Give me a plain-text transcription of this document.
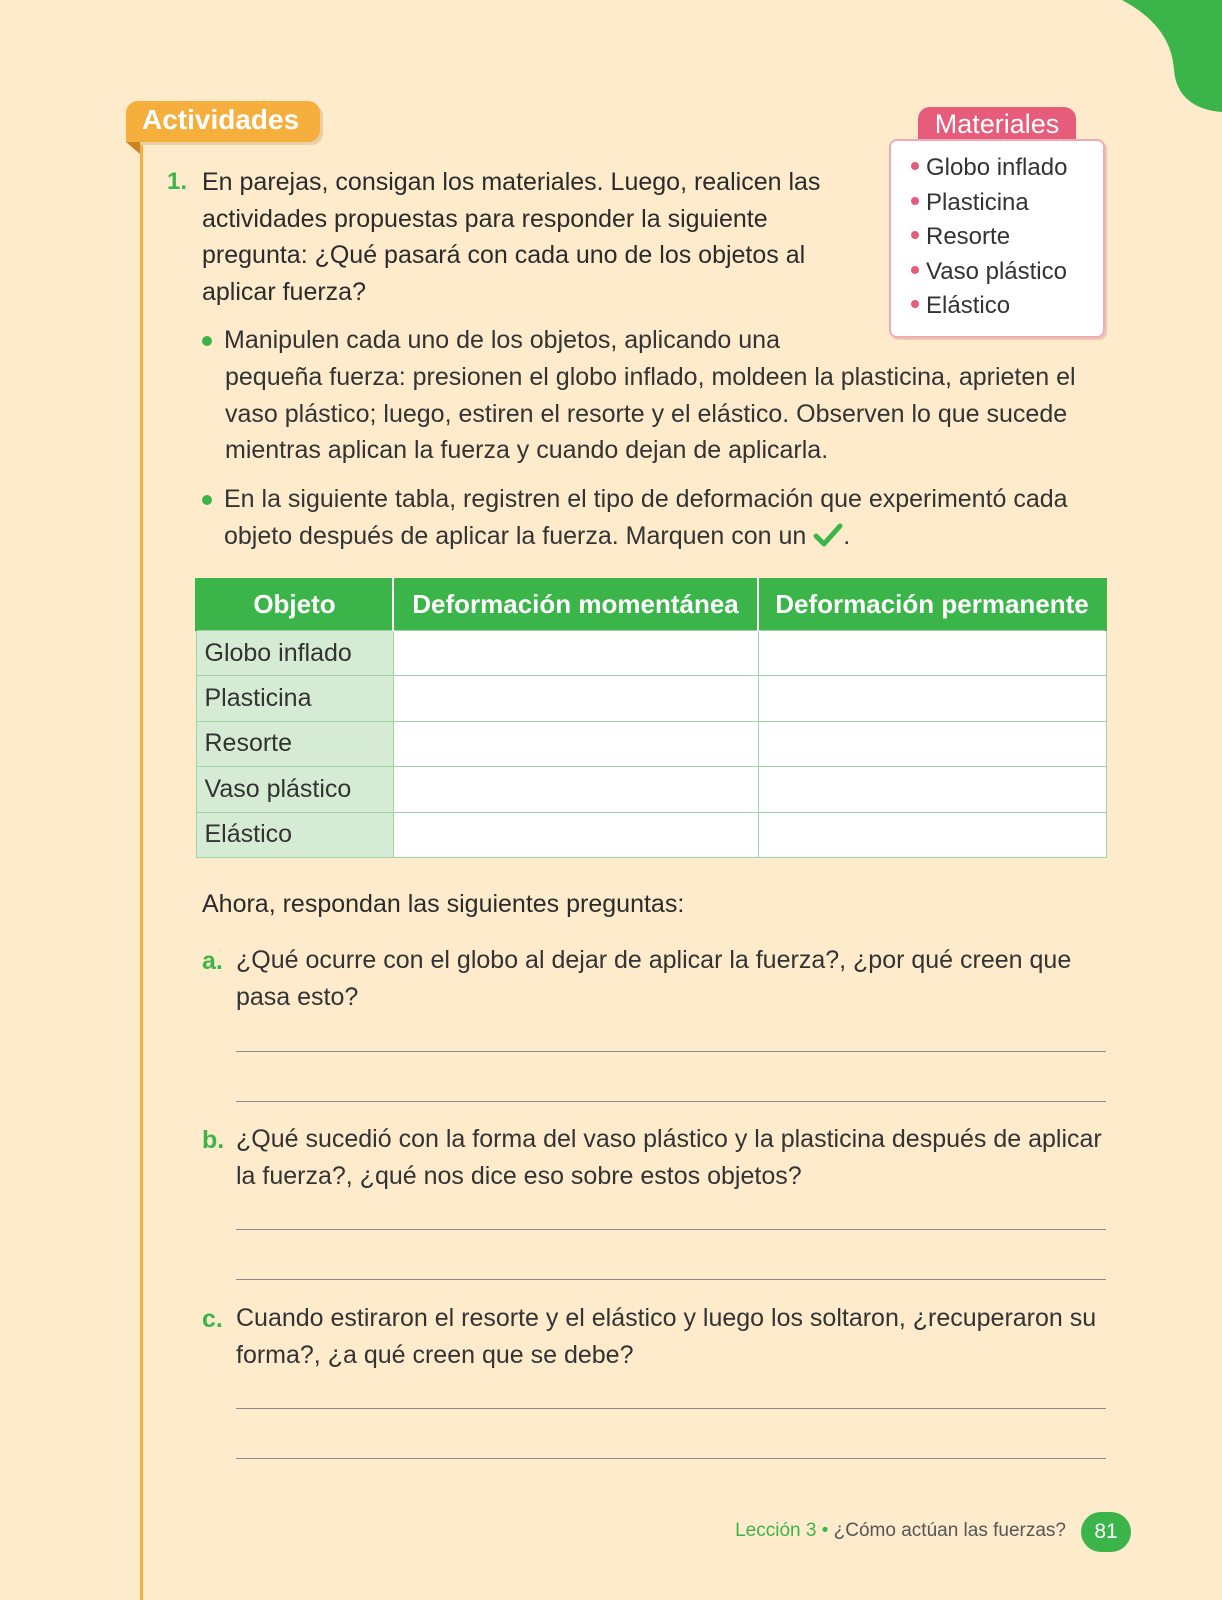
Actividades
1. En parejas, consigan los materiales. Luego, realicen las actividades propuestas para responder la siguiente pregunta: ¿Qué pasará con cada uno de los objetos al aplicar fuerza?
Materiales
Globo inflado
Plasticina
Resorte
Vaso plástico
Elástico
Manipulen cada uno de los objetos, aplicando una
pequeña fuerza: presionen el globo inflado, moldeen la plasticina, aprieten el vaso plástico; luego, estiren el resorte y el elástico. Observen lo que sucede mientras aplican la fuerza y cuando dejan de aplicarla.
En la siguiente tabla, registren el tipo de deformación que experimentó cada objeto después de aplicar la fuerza. Marquen con un .
Objeto	Deformación momentánea	Deformación permanente
Globo inflado		
Plasticina		
Resorte		
Vaso plástico		
Elástico		
Ahora, respondan las siguientes preguntas:
a. ¿Qué ocurre con el globo al dejar de aplicar la fuerza?, ¿por qué creen que pasa esto?
b. ¿Qué sucedió con la forma del vaso plástico y la plasticina después de aplicar la fuerza?, ¿qué nos dice eso sobre estos objetos?
c. Cuando estiraron el resorte y el elástico y luego los soltaron, ¿recuperaron su forma?, ¿a qué creen que se debe?
Lección 3 • ¿Cómo actúan las fuerzas?	81
